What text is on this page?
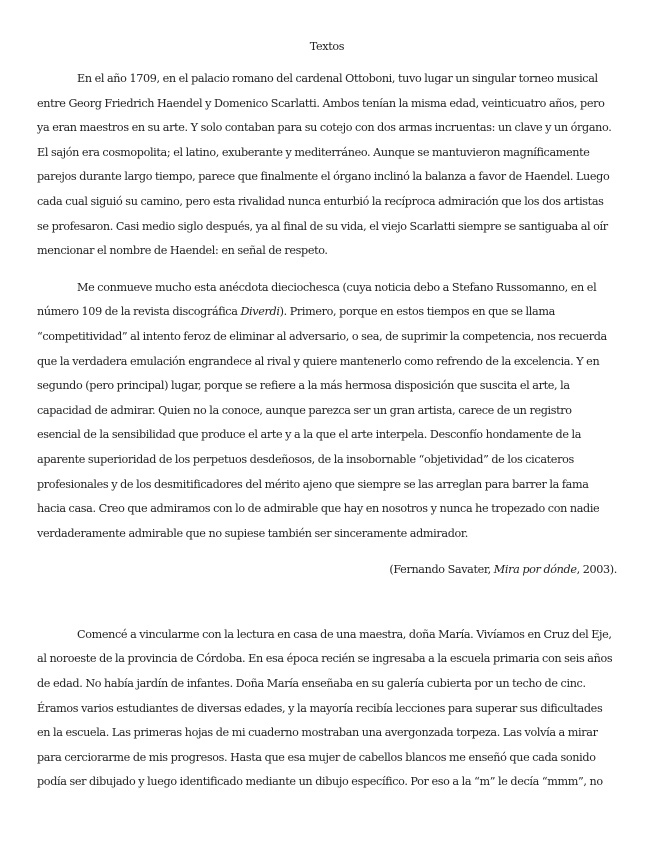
Textos

En el año 1709, en el palacio romano del cardenal Ottoboni, tuvo lugar un singular torneo musical entre Georg Friedrich Haendel y Domenico Scarlatti. Ambos tenían la misma edad, veinticuatro años, pero ya eran maestros en su arte. Y solo contaban para su cotejo con dos armas incruentas: un clave y un órgano. El sajón era cosmopolita; el latino, exuberante y mediterráneo. Aunque se mantuvieron magníficamente parejos durante largo tiempo, parece que finalmente el órgano inclinó la balanza a favor de Haendel. Luego cada cual siguió su camino, pero esta rivalidad nunca enturbió la recíproca admiración que los dos artistas se profesaron. Casi medio siglo después, ya al final de su vida, el viejo Scarlatti siempre se santiguaba al oír mencionar el nombre de Haendel: en señal de respeto.

Me conmueve mucho esta anécdota dieciochesca (cuya noticia debo a Stefano Russomanno, en el número 109 de la revista discográfica Diverdi). Primero, porque en estos tiempos en que se llama “competitividad” al intento feroz de eliminar al adversario, o sea, de suprimir la competencia, nos recuerda que la verdadera emulación engrandece al rival y quiere mantenerlo como refrendo de la excelencia. Y en segundo (pero principal) lugar, porque se refiere a la más hermosa disposición que suscita el arte, la capacidad de admirar. Quien no la conoce, aunque parezca ser un gran artista, carece de un registro esencial de la sensibilidad que produce el arte y a la que el arte interpela. Desconfío hondamente de la aparente superioridad de los perpetuos desdeñosos, de la insobornable “objetividad” de los cicateros profesionales y de los desmitificadores del mérito ajeno que siempre se las arreglan para barrer la fama hacia casa. Creo que admiramos con lo de admirable que hay en nosotros y nunca he tropezado con nadie verdaderamente admirable que no supiese también ser sinceramente admirador.

(Fernando Savater, Mira por dónde, 2003).

Comencé a vincularme con la lectura en casa de una maestra, doña María. Vivíamos en Cruz del Eje, al noroeste de la provincia de Córdoba. En esa época recién se ingresaba a la escuela primaria con seis años de edad. No había jardín de infantes. Doña María enseñaba en su galería cubierta por un techo de cinc. Éramos varios estudiantes de diversas edades, y la mayoría recibía lecciones para superar sus dificultades en la escuela. Las primeras hojas de mi cuaderno mostraban una avergonzada torpeza. Las volvía a mirar para cerciorarme de mis progresos. Hasta que esa mujer de cabellos blancos me enseñó que cada sonido podía ser dibujado y luego identificado mediante un dibujo específico. Por eso a la “m” le decía “mmm”, no
